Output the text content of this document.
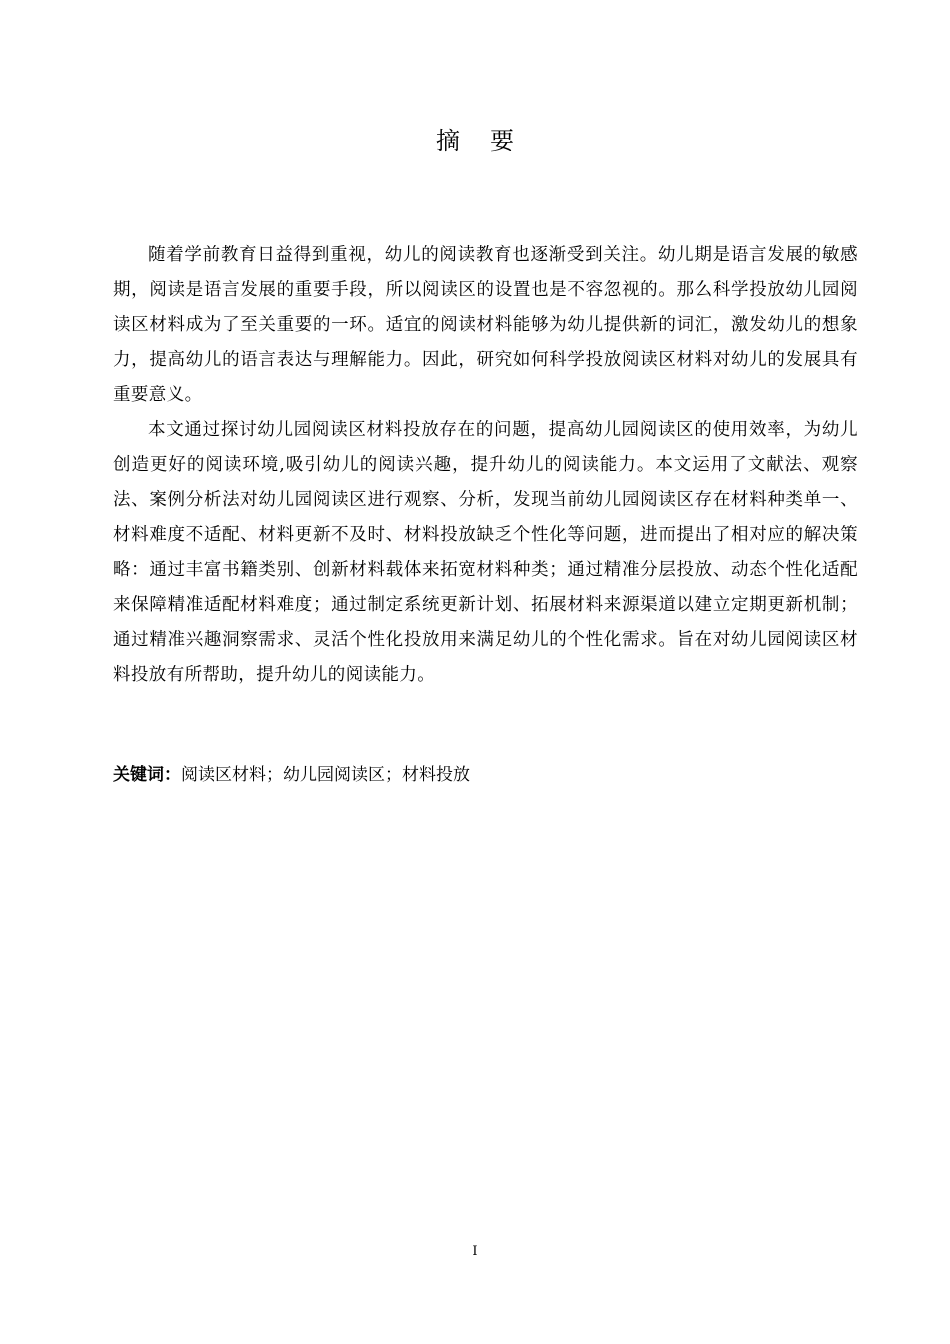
摘要

随着学前教育日益得到重视，幼儿的阅读教育也逐渐受到关注。幼儿期是语言发展的敏感期，阅读是语言发展的重要手段，所以阅读区的设置也是不容忽视的。那么科学投放幼儿园阅读区材料成为了至关重要的一环。适宜的阅读材料能够为幼儿提供新的词汇，激发幼儿的想象力，提高幼儿的语言表达与理解能力。因此，研究如何科学投放阅读区材料对幼儿的发展具有重要意义。

本文通过探讨幼儿园阅读区材料投放存在的问题，提高幼儿园阅读区的使用效率，为幼儿创造更好的阅读环境,吸引幼儿的阅读兴趣，提升幼儿的阅读能力。本文运用了文献法、观察法、案例分析法对幼儿园阅读区进行观察、分析，发现当前幼儿园阅读区存在材料种类单一、材料难度不适配、材料更新不及时、材料投放缺乏个性化等问题，进而提出了相对应的解决策略：通过丰富书籍类别、创新材料载体来拓宽材料种类；通过精准分层投放、动态个性化适配来保障精准适配材料难度；通过制定系统更新计划、拓展材料来源渠道以建立定期更新机制；通过精准兴趣洞察需求、灵活个性化投放用来满足幼儿的个性化需求。旨在对幼儿园阅读区材料投放有所帮助，提升幼儿的阅读能力。

关键词：阅读区材料；幼儿园阅读区；材料投放
I
